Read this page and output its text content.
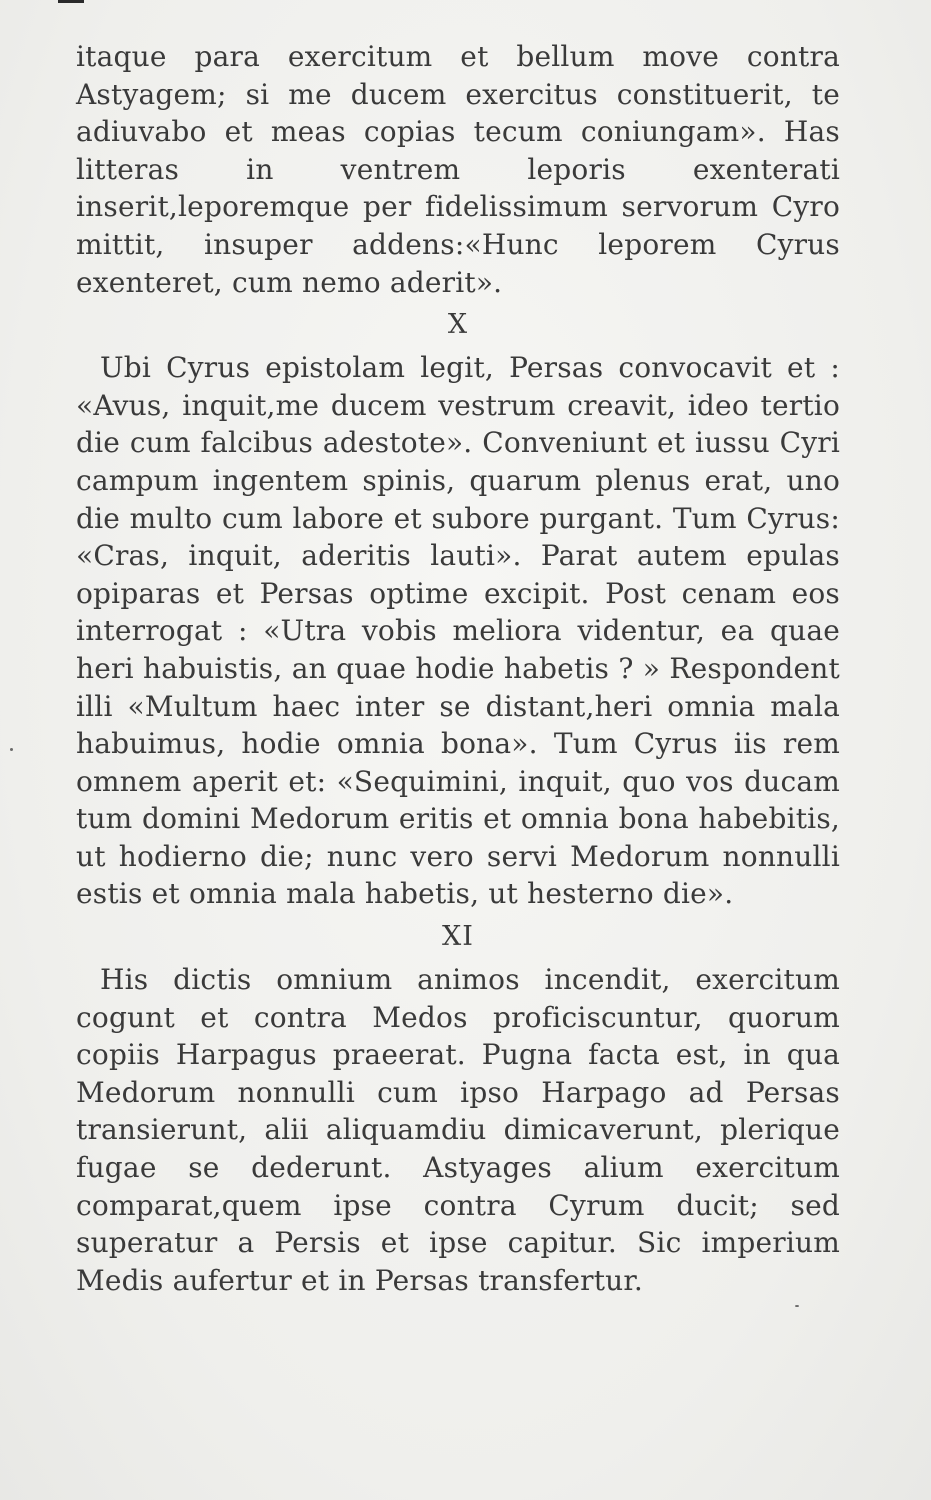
itaque para exercitum et bellum move contra Astyagem; si me ducem exercitus constituerit, te adiuvabo et meas copias tecum coniungam». Has litteras in ventrem leporis exenterati inserit,leporemque per fidelissimum servorum Cyro mittit, insuper addens:«Hunc leporem Cyrus exenteret, cum nemo aderit».

X

Ubi Cyrus epistolam legit, Persas convocavit et : «Avus, inquit,me ducem vestrum creavit, ideo tertio die cum falcibus adestote». Conveniunt et iussu Cyri campum ingentem spinis, quarum plenus erat, uno die multo cum labore et subore purgant. Tum Cyrus: «Cras, inquit, aderitis lauti». Parat autem epulas opiparas et Persas optime excipit. Post cenam eos interrogat : «Utra vobis meliora videntur, ea quae heri habuistis, an quae hodie habetis ? » Respondent illi «Multum haec inter se distant,heri omnia mala habuimus, hodie omnia bona». Tum Cyrus iis rem omnem aperit et: «Sequimini, inquit, quo vos ducam tum domini Medorum eritis et omnia bona habebitis, ut hodierno die; nunc vero servi Medorum nonnulli estis et omnia mala habetis, ut hesterno die».

XI

His dictis omnium animos incendit, exercitum cogunt et contra Medos proficiscuntur, quorum copiis Harpagus praeerat. Pugna facta est, in qua Medorum nonnulli cum ipso Harpago ad Persas transierunt, alii aliquamdiu dimicaverunt, plerique fugae se dederunt. Astyages alium exercitum comparat,quem ipse contra Cyrum ducit; sed superatur a Persis et ipse capitur. Sic imperium Medis aufertur et in Persas transfertur.
